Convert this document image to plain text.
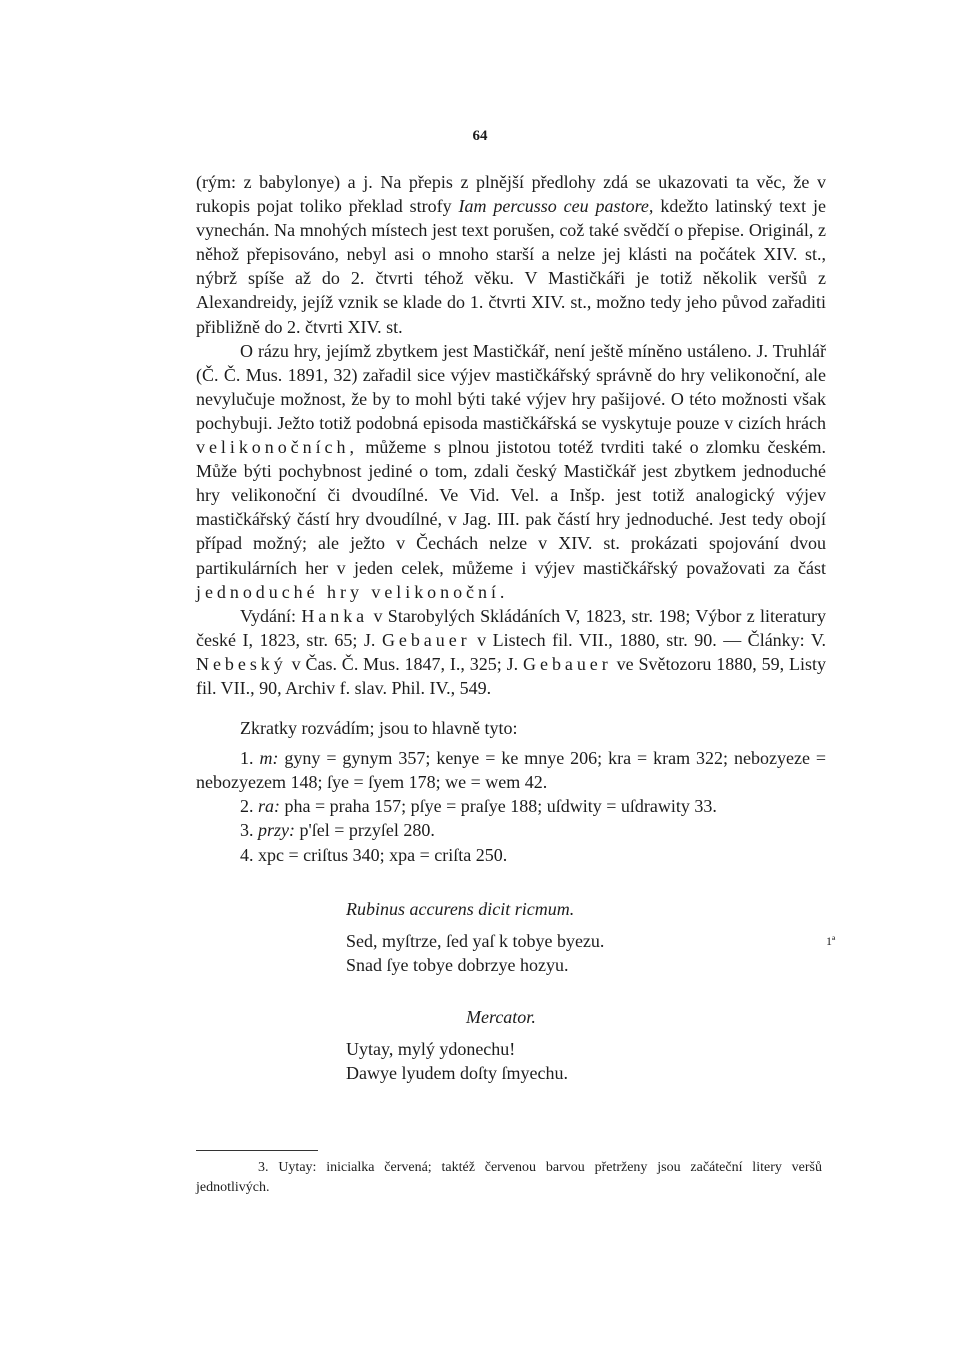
64

(rým: z babylonye) a j. Na přepis z plnější předlohy zdá se ukazovati ta věc, že v rukopis pojat toliko překlad strofy Iam percusso ceu pastore, kdežto latinský text je vynechán. Na mnohých místech jest text porušen, což také svědčí o přepise. Originál, z něhož přepisováno, nebyl asi o mnoho starší a nelze jej klásti na počátek XIV. st., nýbrž spíše až do 2. čtvrti téhož věku. V Mastičkáři je totiž několik veršů z Alexandreidy, jejíž vznik se klade do 1. čtvrti XIV. st., možno tedy jeho původ zařaditi přibližně do 2. čtvrti XIV. st.

O rázu hry, jejímž zbytkem jest Mastičkář, není ještě míněno ustáleno. J. Truhlář (Č. Č. Mus. 1891, 32) zařadil sice výjev mastičkářský správně do hry velikonoční, ale nevylučuje možnost, že by to mohl býti také výjev hry pašijové. O této možnosti však pochybuji. Ježto totiž podobná episoda mastičkářská se vyskytuje pouze v cizích hrách velikonočních, můžeme s plnou jistotou totéž tvrditi také o zlomku českém. Může býti pochybnost jediné o tom, zdali český Mastičkář jest zbytkem jednoduché hry velikonoční či dvoudílné. Ve Vid. Vel. a Inšp. jest totiž analogický výjev mastičkářský částí hry dvoudílné, v Jag. III. pak částí hry jednoduché. Jest tedy obojí případ možný; ale ježto v Čechách nelze v XIV. st. prokázati spojování dvou partikulárních her v jeden celek, můžeme i výjev mastičkářský považovati za část jednoduché hry velikonoční.

Vydání: Hanka v Starobylých Skládáních V, 1823, str. 198; Výbor z literatury české I, 1823, str. 65; J. Gebauer v Listech fil. VII., 1880, str. 90. — Články: V. Nebeský v Čas. Č. Mus. 1847, I., 325; J. Gebauer ve Světozoru 1880, 59, Listy fil. VII., 90, Archiv f. slav. Phil. IV., 549.

Zkratky rozvádím; jsou to hlavně tyto:

1. m: gyny = gynym 357; kenye = ke mnye 206; kra = kram 322; nebozyeze = nebozyezem 148; ſye = ſyem 178; we = wem 42.

2. ra: pha = praha 157; pſye = praſye 188; uſdwity = uſdrawity 33.

3. przy: p'ſel = przyſel 280.

4. xpc = criſtus 340; xpa = criſta 250.

Rubinus accurens dicit ricmum.

Sed, myſtrze, ſed yaſ k tobye byezu.	1ª

Snad ſye tobye dobrzye hozyu.

Mercator.

Uytay, mylý ydonechu!

Dawye lyudem doſty ſmyechu.

3. Uytay: inicialka červená; taktéž červenou barvou přetrženy jsou začáteční litery veršů jednotlivých.
